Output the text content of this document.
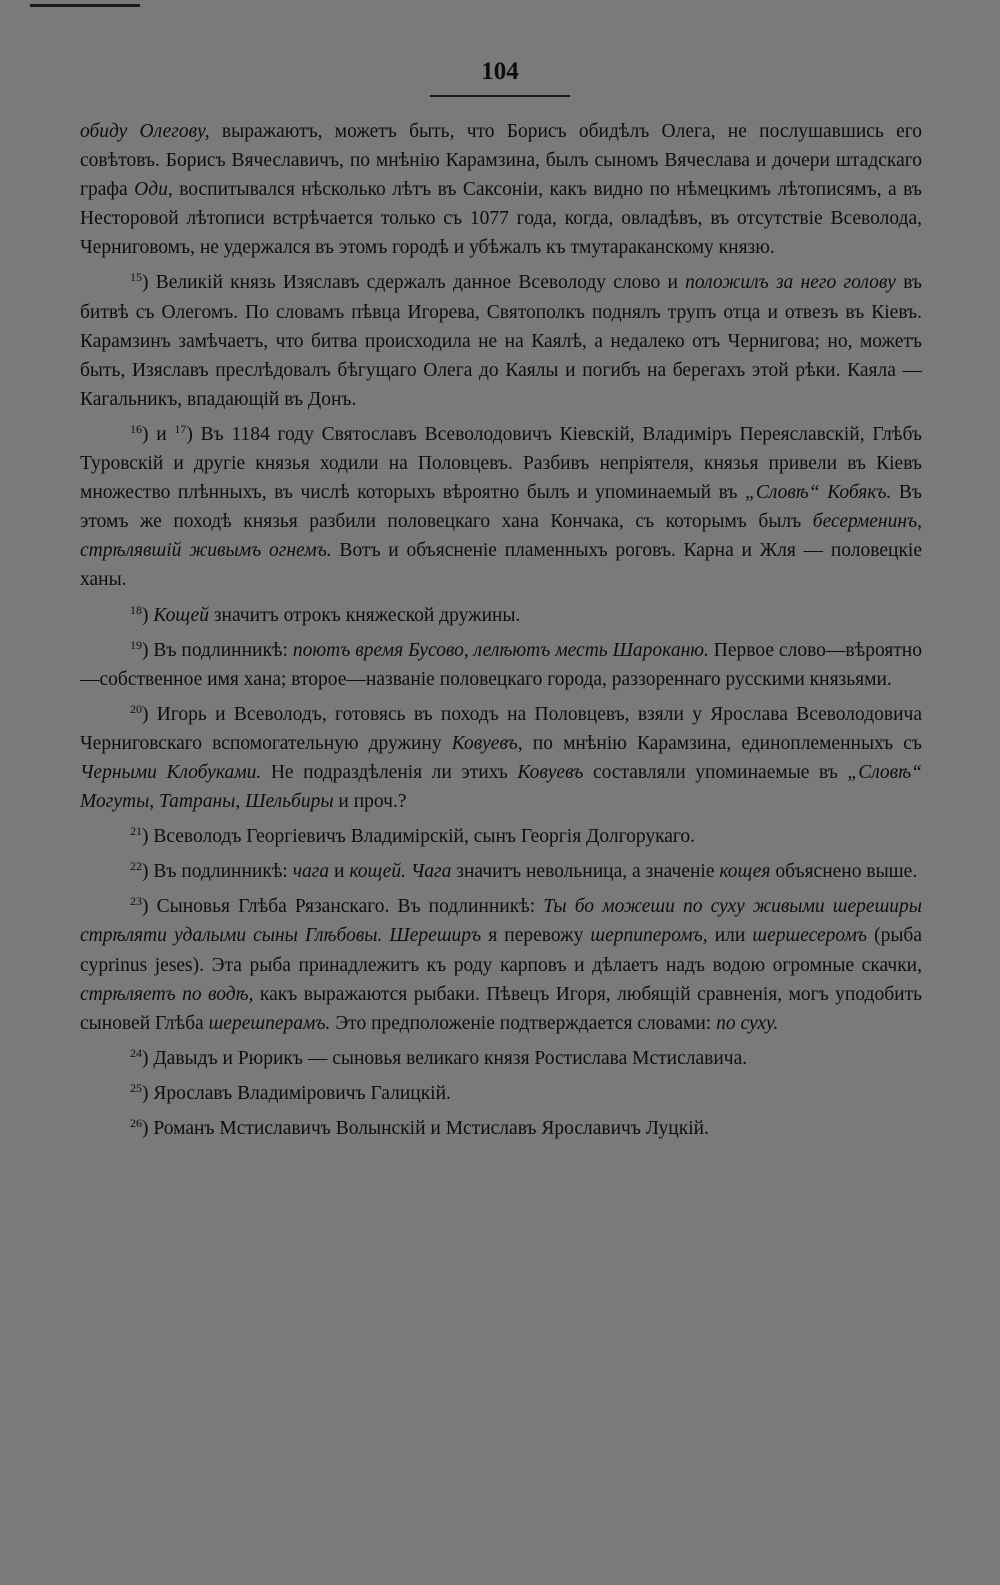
104

обиду Олегову, выражаютъ, можетъ быть, что Борисъ обидѣлъ Олега, не послушавшись его совѣтовъ. Борисъ Вячеславичъ, по мнѣнію Карамзина, былъ сыномъ Вячеслава и дочери штадскаго графа Оди, воспитывался нѣсколько лѣтъ въ Саксоніи, какъ видно по нѣмецкимъ лѣтописямъ, а въ Несторовой лѣтописи встрѣчается только съ 1077 года, когда, овладѣвъ, въ отсутствіе Всеволода, Черниговомъ, не удержался въ этомъ городѣ и убѣжалъ къ тмутараканскому князю.

$^{15}$) Великій князь Изяславъ сдержалъ данное Всеволоду слово и положилъ за него голову въ битвѣ съ Олегомъ. По словамъ пѣвца Игорева, Святополкъ поднялъ трупъ отца и отвезъ въ Кіевъ. Карамзинъ замѣчаетъ, что битва происходила не на Каялѣ, а недалеко отъ Чернигова; но, можетъ быть, Изяславъ преслѣдовалъ бѣгущаго Олега до Каялы и погибъ на берегахъ этой рѣки. Каяла — Кагальникъ, впадающій въ Донъ.

$^{16}$) и $^{17}$) Въ 1184 году Святославъ Всеволодовичъ Кіевскій, Владиміръ Переяславскій, Глѣбъ Туровскій и другіе князья ходили на Половцевъ. Разбивъ непріятеля, князья привели въ Кіевъ множество плѣнныхъ, въ числѣ которыхъ вѣроятно былъ и упоминаемый въ „Словѣ“ Кобякъ. Въ этомъ же походѣ князья разбили половецкаго хана Кончака, съ которымъ былъ бесерменинъ, стрѣлявшій живымъ огнемъ. Вотъ и объясненіе пламенныхъ роговъ. Карна и Жля — половецкіе ханы.

$^{18}$) Кощей значитъ отрокъ княжеской дружины.

$^{19}$) Въ подлинникѣ: поютъ время Бусово, лелѣютъ месть Шароканю. Первое слово—вѣроятно—собственное имя хана; второе—названіе половецкаго города, раззореннаго русскими князьями.

$^{20}$) Игорь и Всеволодъ, готовясь въ походъ на Половцевъ, взяли у Ярослава Всеволодовича Черниговскаго вспомогательную дружину Ковуевъ, по мнѣнію Карамзина, единоплеменныхъ съ Черными Клобуками. Не подраздѣленія ли этихъ Ковуевъ составляли упоминаемые въ „Словѣ“ Могуты, Татраны, Шельбиры и проч.?

$^{21}$) Всеволодъ Георгіевичъ Владимірскій, сынъ Георгія Долгорукаго.

$^{22}$) Въ подлинникѣ: чага и кощей. Чага значитъ невольница, а значеніе кощея объяснено выше.

$^{23}$) Сыновья Глѣба Рязанскаго. Въ подлинникѣ: Ты бо можеши по суху живыми шереширы стрѣляти удалыми сыны Глѣбовы. Шереширъ я перевожу шерпиперомъ, или шершесеромъ (рыба cyprinus jeses). Эта рыба принадлежитъ къ роду карповъ и дѣлаетъ надъ водою огромные скачки, стрѣляетъ по водѣ, какъ выражаются рыбаки. Пѣвецъ Игоря, любящій сравненія, могъ уподобить сыновей Глѣба шерешперамъ. Это предположеніе подтверждается словами: по суху.

$^{24}$) Давыдъ и Рюрикъ — сыновья великаго князя Ростислава Мстиславича.

$^{25}$) Ярославъ Владиміровичъ Галицкій.

$^{26}$) Романъ Мстиславичъ Волынскій и Мстиславъ Ярославичъ Луцкій.
